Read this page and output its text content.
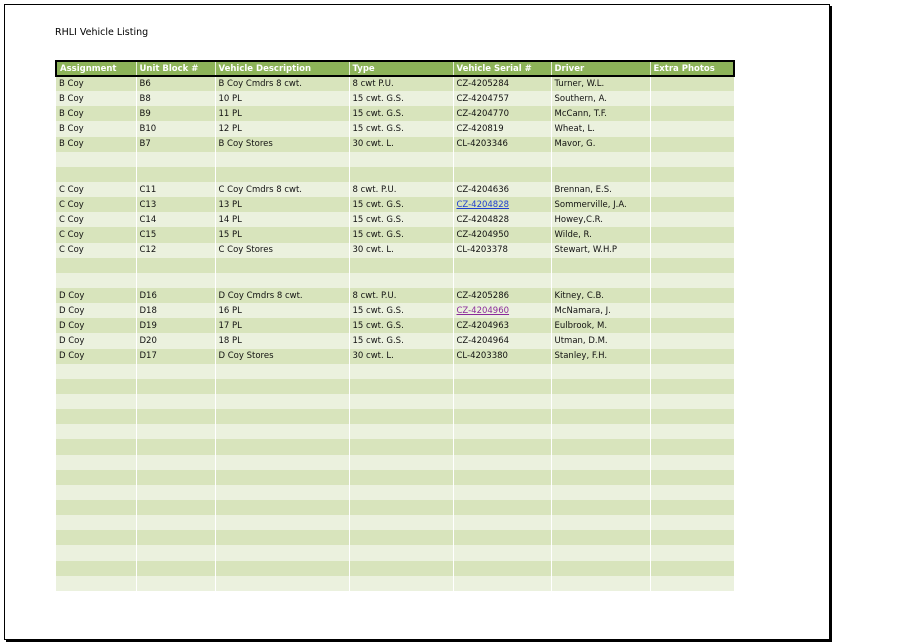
RHLI Vehicle Listing
Assignment	Unit Block #	Vehicle Description	Type	Vehicle Serial #	Driver	Extra Photos
B Coy	B6	B Coy Cmdrs 8 cwt.	8 cwt P.U.	CZ-4205284	Turner, W.L.	
B Coy	B8	10 PL	15 cwt. G.S.	CZ-4204757	Southern, A.	
B Coy	B9	11 PL	15 cwt. G.S.	CZ-4204770	McCann, T.F.	
B Coy	B10	12 PL	15 cwt. G.S.	CZ-420819	Wheat, L.	
B Coy	B7	B Coy Stores	30 cwt. L.	CL-4203346	Mavor, G.	

C Coy	C11	C Coy Cmdrs 8 cwt.	8 cwt. P.U.	CZ-4204636	Brennan, E.S.	
C Coy	C13	13 PL	15 cwt. G.S.	CZ-4204828	Sommerville, J.A.	
C Coy	C14	14 PL	15 cwt. G.S.	CZ-4204828	Howey,C.R.	
C Coy	C15	15 PL	15 cwt. G.S.	CZ-4204950	Wilde, R.	
C Coy	C12	C Coy Stores	30 cwt. L.	CL-4203378	Stewart, W.H.P	

D Coy	D16	D Coy Cmdrs 8 cwt.	8 cwt. P.U.	CZ-4205286	Kitney, C.B.	
D Coy	D18	16 PL	15 cwt. G.S.	CZ-4204960	McNamara, J.	
D Coy	D19	17 PL	15 cwt. G.S.	CZ-4204963	Eulbrook, M.	
D Coy	D20	18 PL	15 cwt. G.S.	CZ-4204964	Utman, D.M.	
D Coy	D17	D Coy Stores	30 cwt. L.	CL-4203380	Stanley, F.H.	
